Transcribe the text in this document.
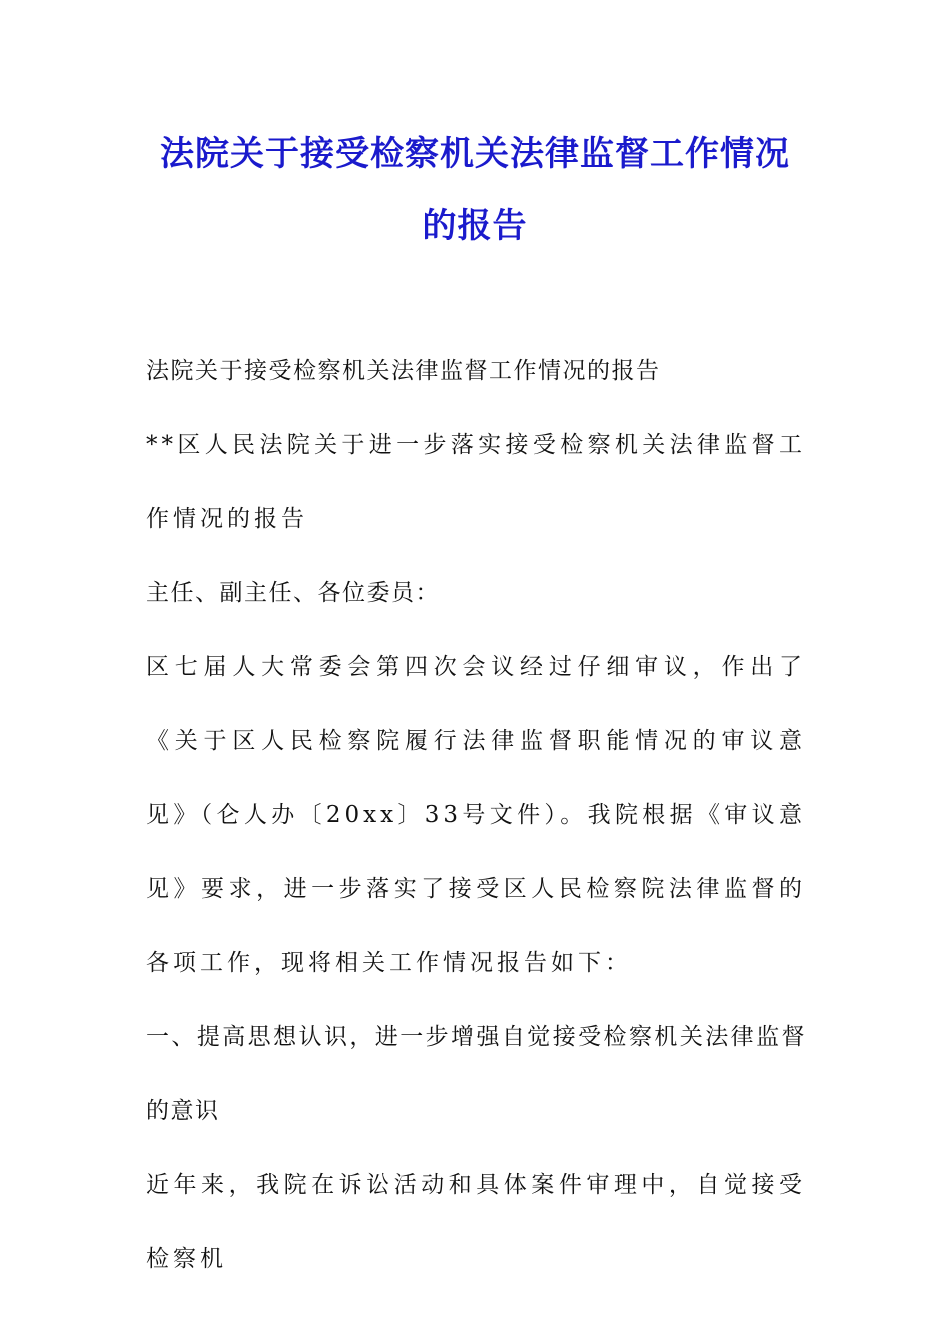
法院关于接受检察机关法律监督工作情况
的报告

法院关于接受检察机关法律监督工作情况的报告

**区人民法院关于进一步落实接受检察机关法律监督工作情况的报告

主任、副主任、各位委员：

区七届人大常委会第四次会议经过仔细审议，作出了《关于区人民检察院履行法律监督职能情况的审议意见》（仑人办〔20xx〕33号文件）。我院根据《审议意见》要求，进一步落实了接受区人民检察院法律监督的各项工作，现将相关工作情况报告如下：

一、提高思想认识，进一步增强自觉接受检察机关法律监督的意识

近年来，我院在诉讼活动和具体案件审理中，自觉接受检察机
